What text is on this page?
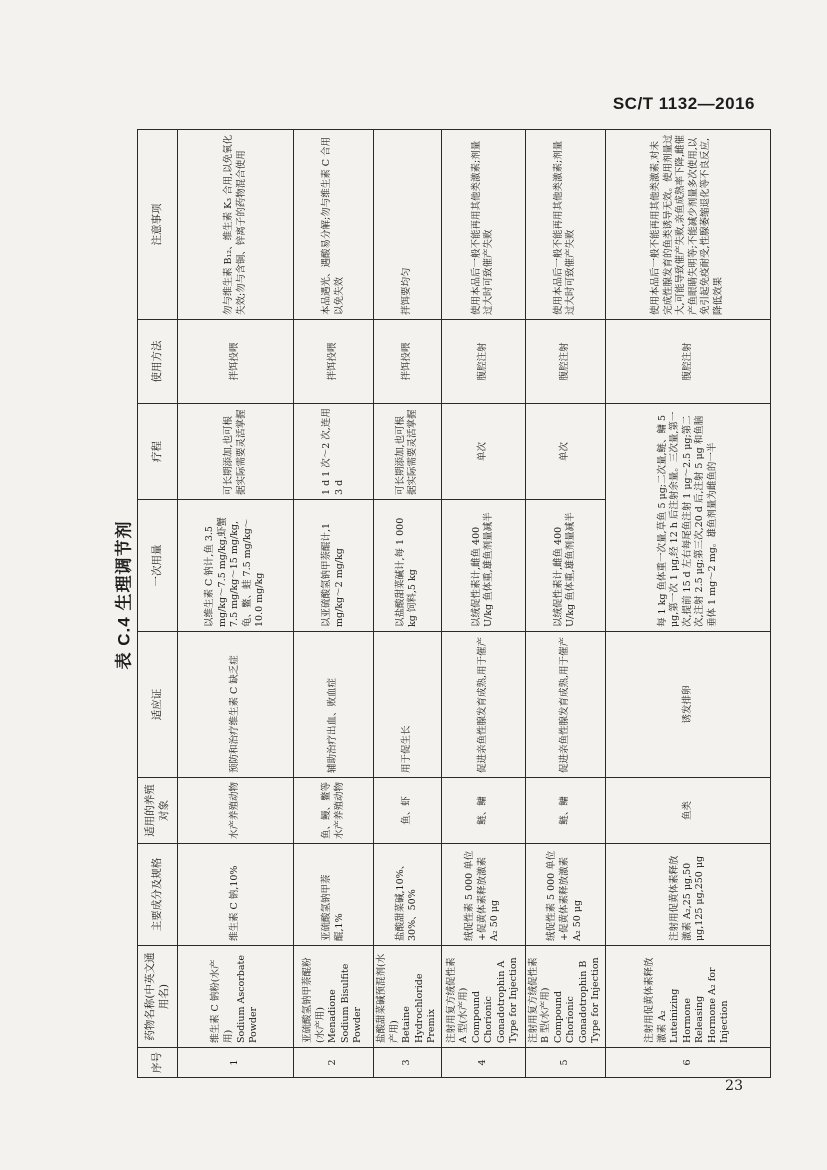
SC/T 1132—2016
表 C.4 生理调节剂
序号	药物名称(中英文通用名)	主要成分及规格	适用的养殖对象	适应证	一次用量	疗程	使用方法	注意事项
1	维生素 C 钠粉(水产用) Sodium Ascorbate Powder	维生素 C 钠,10%	水产养殖动物	预防和治疗维生素 C 缺乏症	以维生素 C 钠计,鱼 3.5 mg/kg～7.5 mg/kg,虾蟹 7.5 mg/kg～15 mg/kg,龟、鳖、蛙 7.5 mg/kg～10.0 mg/kg	可长期添加,也可根据实际需要灵活掌握	拌饵投喂	勿与维生素 B₁₂、维生素 K₃ 合用,以免氧化失效;勿与含铜、锌离子的药物混合使用
2	亚硫酸氢钠甲萘醌粉(水产用) Menadione Sodium Bisulfite Powder	亚硫酸氢钠甲萘醌,1%	鱼、鳗、鳖等水产养殖动物	辅助治疗出血、败血症	以亚硫酸氢钠甲萘醌计,1 mg/kg～2 mg/kg	1 d 1 次～2 次,连用 3 d	拌饵投喂	本品遇光、遇酸易分解;勿与维生素 C 合用以免失效
3	盐酸甜菜碱预混剂(水产用) Betaine Hydrochloride Premix	盐酸甜菜碱,10%、30%、50%	鱼、虾	用于促生长	以盐酸甜菜碱计,每 1 000 kg 饲料,5 kg	可长期添加,也可根据实际需要灵活掌握	拌饵投喂	拌饵要均匀
4	注射用复方绒促性素 A 型(水产用) Compound Chorionic Gonadotrophin A Type for Injection	绒促性素 5 000 单位+促黄体素释放激素 A₂ 50 μg	鲢、鳙	促进亲鱼性腺发育成熟,用于催产	以绒促性素计,雌鱼 400 U/kg 鱼体重,雄鱼剂量减半	单次	腹腔注射	使用本品后一般不能再用其他类激素;剂量过大时可致催产失败
5	注射用复方绒促性素 B 型(水产用) Compound Chorionic Gonadotrophin B Type for Injection	绒促性素 5 000 单位+促黄体素释放激素 A₂ 50 μg	鲢、鳙	促进亲鱼性腺发育成熟,用于催产	以绒促性素计,雌鱼 400 U/kg 鱼体重,雄鱼剂量减半	单次	腹腔注射	使用本品后一般不能再用其他类激素;剂量过大时可致催产失败
6	注射用促黄体素释放激素 A₂ Luteinizing Hormone Releasing Hormone A₂ for Injection	注射用促黄体素释放激素 A₂,25 μg,50 μg,125 μg,250 μg	鱼类	诱发排卵	每 1 kg 鱼体重一次量,草鱼 5 μg;二次量,鲢、鳙 5 μg,第一次 1 μg,经 12 h 后注射余量。三次量,第一次,提前 15 d 左右每尾鱼注射 1 μg～2.5 μg;第二次,注射 2.5 μg;第三次,20 d 后,注射 5 μg 和鱼脑垂体 1 mg～2 mg。雄鱼剂量为雌鱼的一半		腹腔注射	使用本品后一般不能再用其他类激素,对未完成性腺发育的鱼类诱导无效。使用剂量过大,可能导致催产失败,亲鱼成熟率下降,雌催产鱼眼睛失明等;不能减少剂量多次使用,以免引起免疫耐受,性腺萎缩退化等不良反应,降低效果
23
